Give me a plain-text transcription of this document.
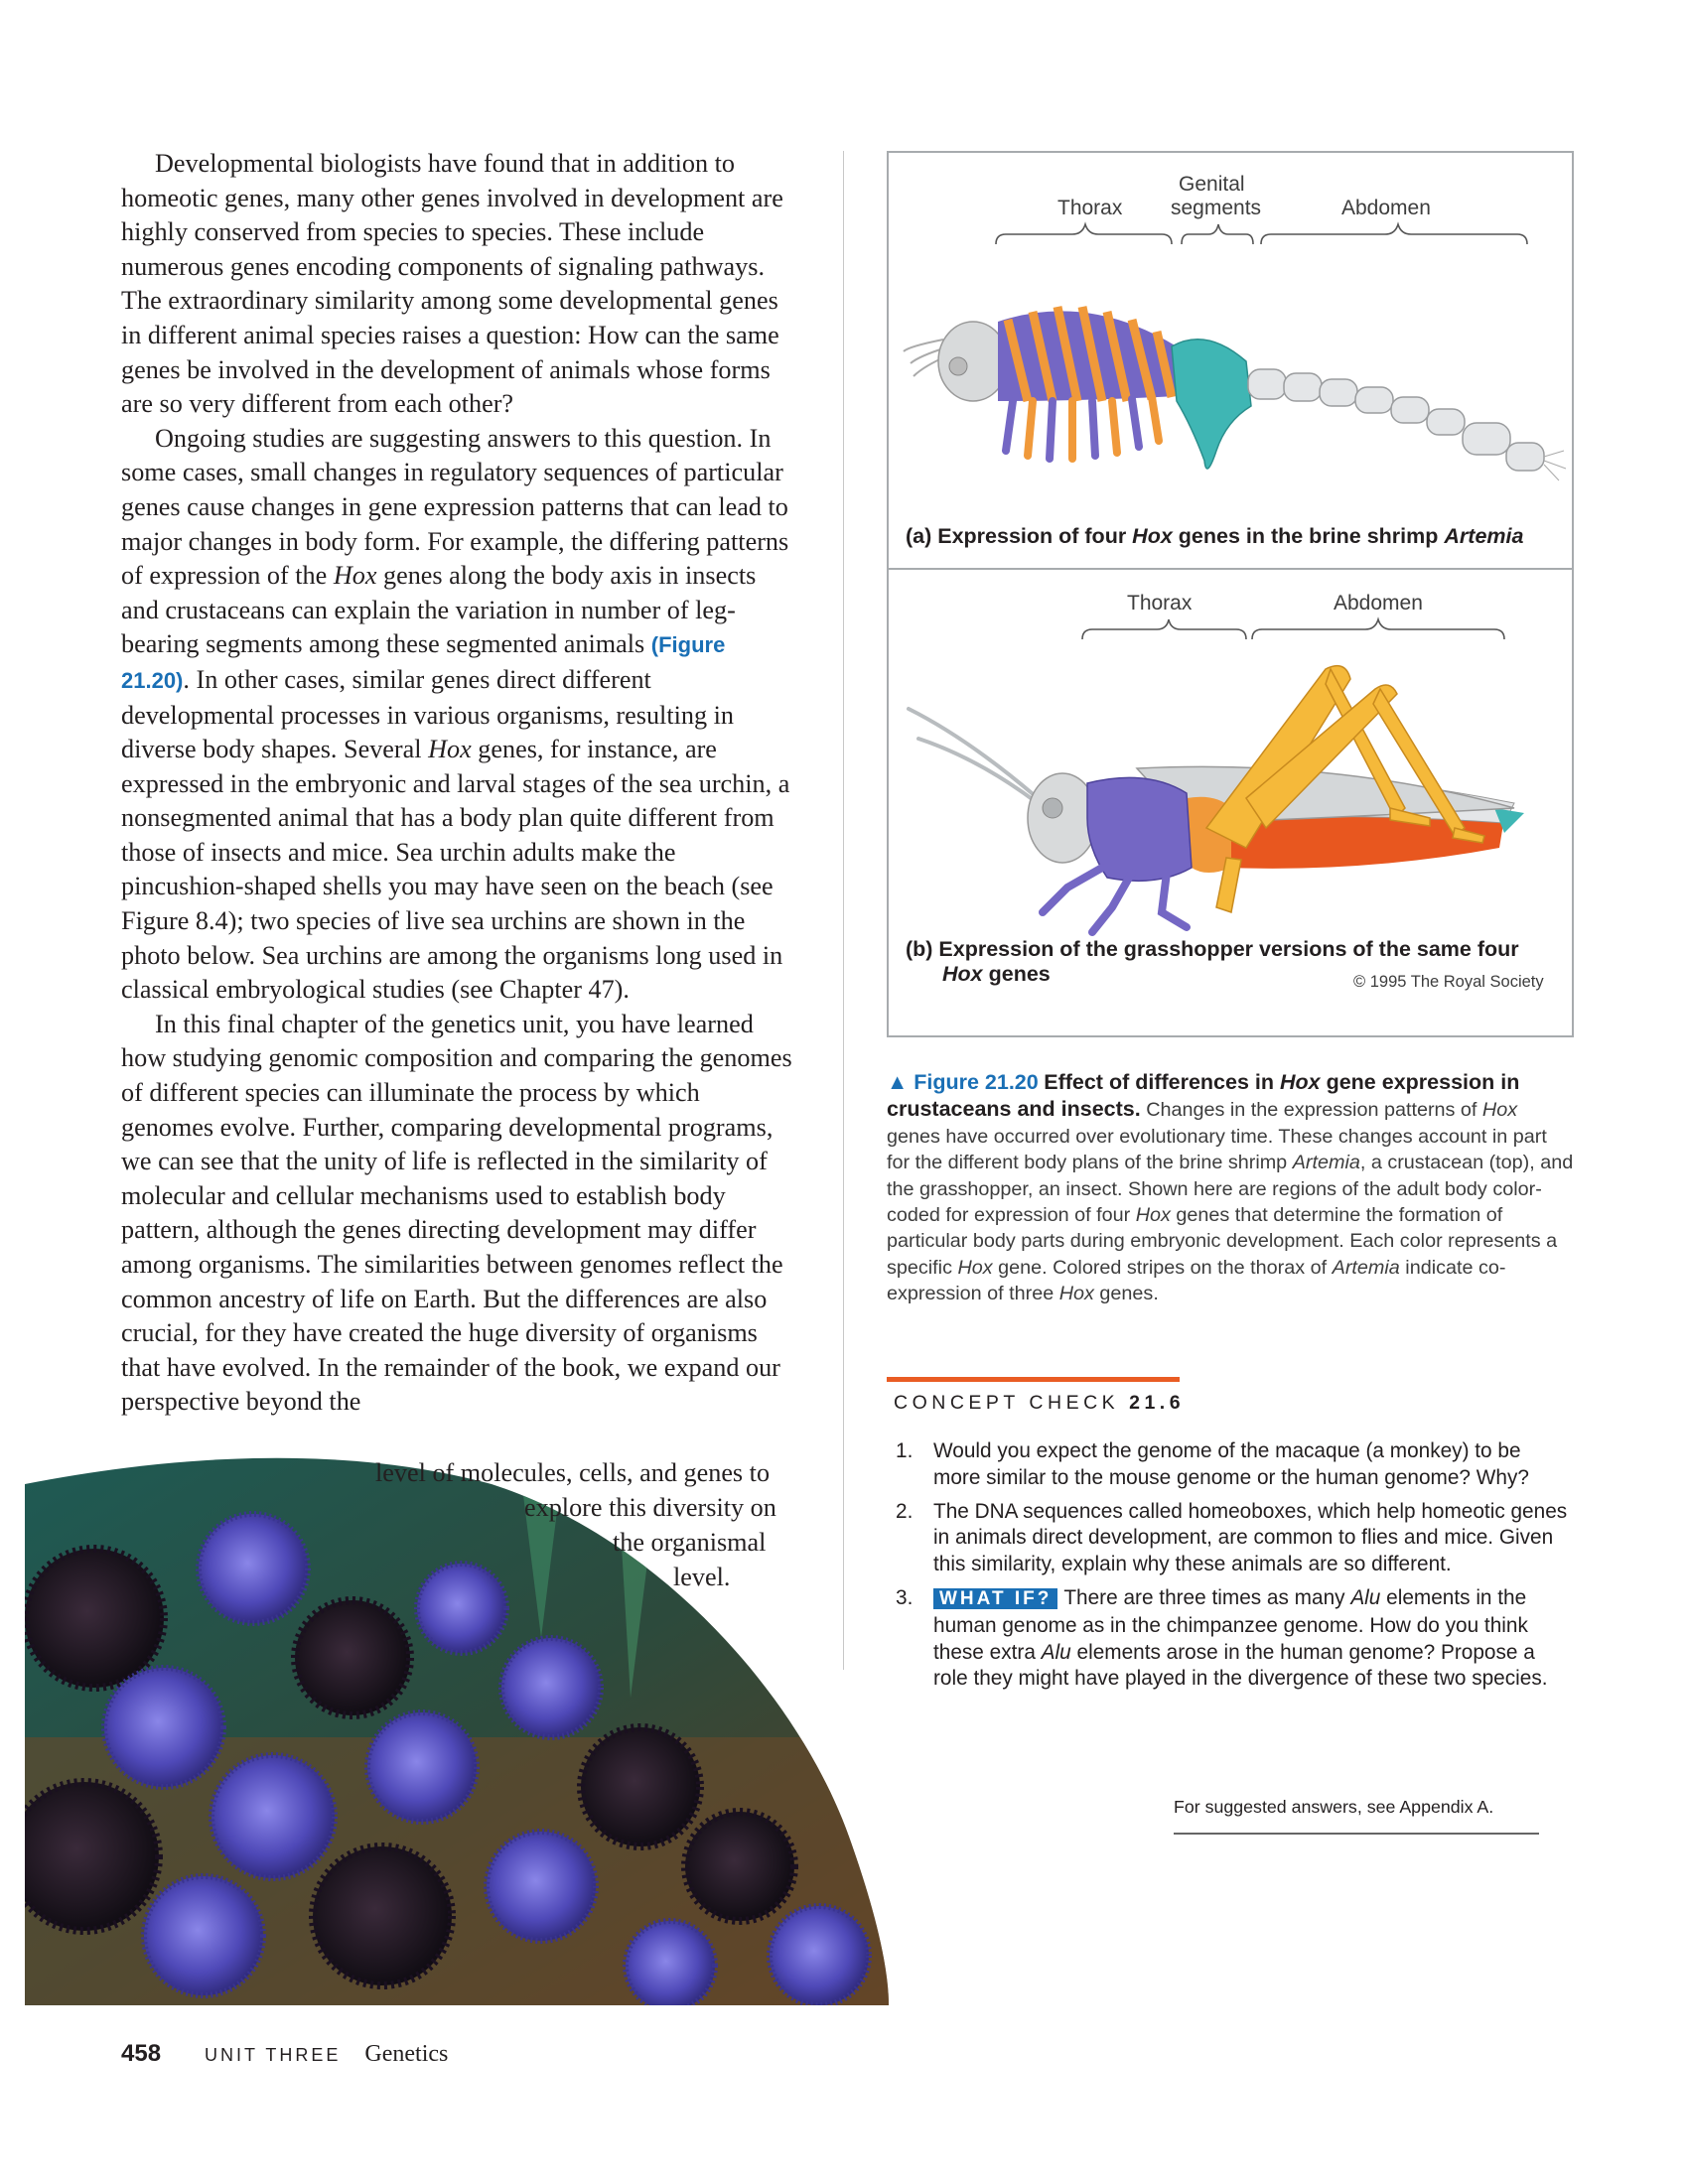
Developmental biologists have found that in addition to homeotic genes, many other genes involved in development are highly conserved from species to species. These include numerous genes encoding components of signaling pathways. The extraordinary similarity among some developmental genes in different animal species raises a question: How can the same genes be involved in the development of animals whose forms are so very different from each other?

Ongoing studies are suggesting answers to this question. In some cases, small changes in regulatory sequences of particular genes cause changes in gene expression patterns that can lead to major changes in body form. For example, the differing patterns of expression of the Hox genes along the body axis in insects and crustaceans can explain the variation in number of leg-bearing segments among these segmented animals (Figure 21.20). In other cases, similar genes direct different developmental processes in various organisms, resulting in diverse body shapes. Several Hox genes, for instance, are expressed in the embryonic and larval stages of the sea urchin, a nonsegmented animal that has a body plan quite different from those of insects and mice. Sea urchin adults make the pincushion-shaped shells you may have seen on the beach (see Figure 8.4); two species of live sea urchins are shown in the photo below. Sea urchins are among the organisms long used in classical embryological studies (see Chapter 47).

In this final chapter of the genetics unit, you have learned how studying genomic composition and comparing the genomes of different species can illuminate the process by which genomes evolve. Further, comparing developmental programs, we can see that the unity of life is reflected in the similarity of molecular and cellular mechanisms used to establish body pattern, although the genes directing development may differ among organisms. The similarities between genomes reflect the common ancestry of life on Earth. But the differences are also crucial, for they have created the huge diversity of organisms that have evolved. In the remainder of the book, we expand our perspective beyond the

level of molecules, cells, and genes to
explore this diversity on
the organismal
level.
Thorax
Genital
segments	Abdomen
(a) Expression of four Hox genes in the brine shrimp Artemia
Thorax	Abdomen
(b) Expression of the grasshopper versions of the same four
Hox genes	© 1995 The Royal Society
▲ Figure 21.20 Effect of differences in Hox gene expression in crustaceans and insects. Changes in the expression patterns of Hox genes have occurred over evolutionary time. These changes account in part for the different body plans of the brine shrimp Artemia, a crustacean (top), and the grasshopper, an insect. Shown here are regions of the adult body color-coded for expression of four Hox genes that determine the formation of particular body parts during embryonic development. Each color represents a specific Hox gene. Colored stripes on the thorax of Artemia indicate co-expression of three Hox genes.
CONCEPT CHECK 21.6
1. Would you expect the genome of the macaque (a monkey) to be more similar to the mouse genome or the human genome? Why?
2. The DNA sequences called homeoboxes, which help homeotic genes in animals direct development, are common to flies and mice. Given this similarity, explain why these animals are so different.
3. WHAT IF? There are three times as many Alu elements in the human genome as in the chimpanzee genome. How do you think these extra Alu elements arose in the human genome? Propose a role they might have played in the divergence of these two species.
For suggested answers, see Appendix A.
458 UNIT THREE Genetics
